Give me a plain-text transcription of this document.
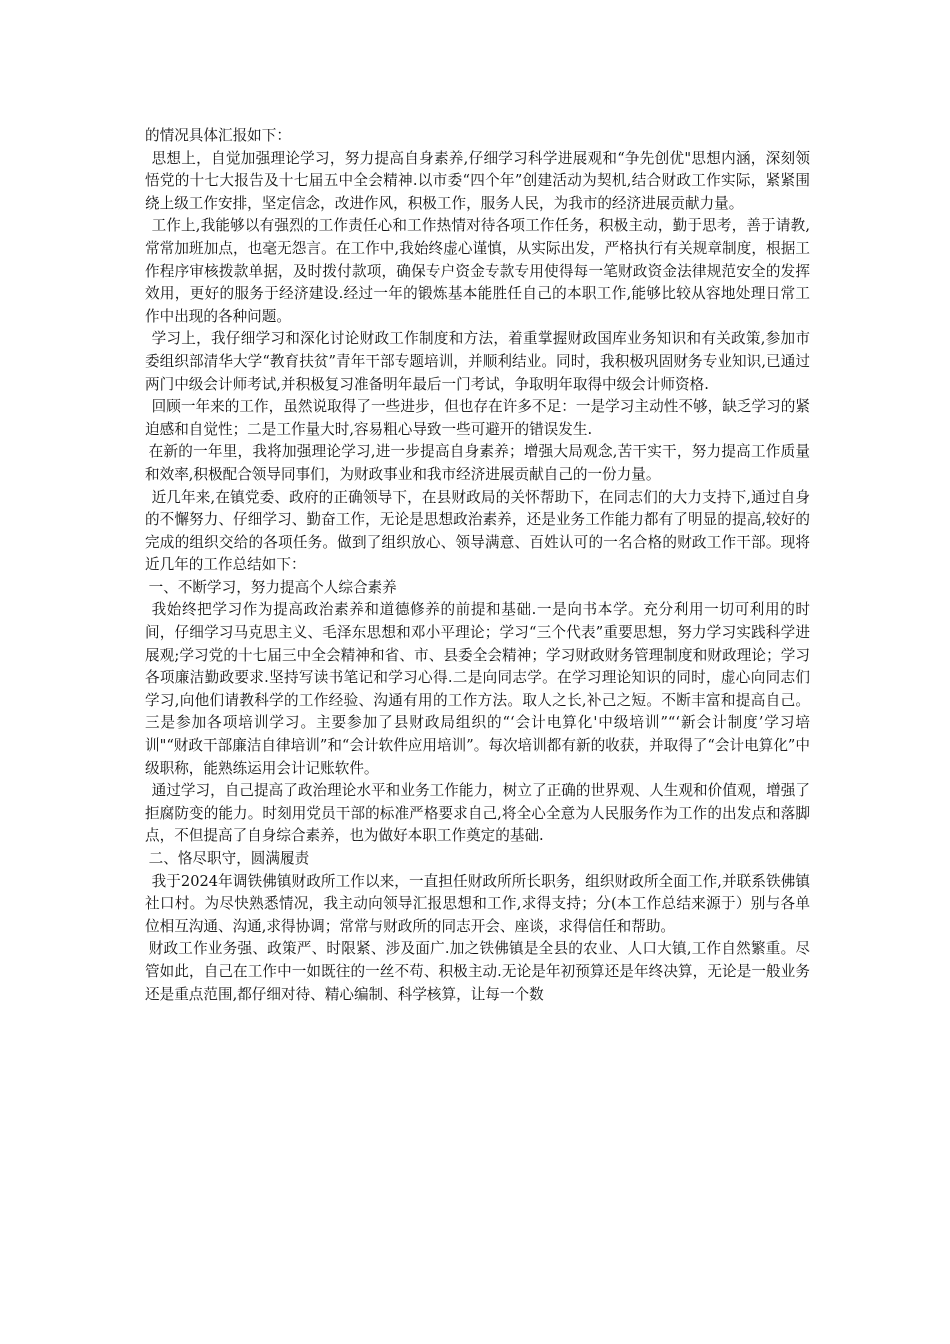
的情况具体汇报如下：

思想上，自觉加强理论学习，努力提高自身素养,仔细学习科学进展观和“争先创优"思想内涵，深刻领悟党的十七大报告及十七届五中全会精神.以市委“四个年”创建活动为契机,结合财政工作实际，紧紧围绕上级工作安排，坚定信念，改进作风，积极工作，服务人民，为我市的经济进展贡献力量。

工作上,我能够以有强烈的工作责任心和工作热情对待各项工作任务，积极主动，勤于思考，善于请教,常常加班加点，也毫无怨言。在工作中,我始终虚心谨慎，从实际出发，严格执行有关规章制度，根据工作程序审核拨款单据，及时拨付款项，确保专户资金专款专用使得每一笔财政资金法律规范安全的发挥效用，更好的服务于经济建设.经过一年的锻炼基本能胜任自己的本职工作,能够比较从容地处理日常工作中出现的各种问题。

学习上，我仔细学习和深化讨论财政工作制度和方法，着重掌握财政国库业务知识和有关政策,参加市委组织部清华大学“教育扶贫”青年干部专题培训，并顺利结业。同时，我积极巩固财务专业知识,已通过两门中级会计师考试,并积极复习准备明年最后一门考试，争取明年取得中级会计师资格.

回顾一年来的工作，虽然说取得了一些进步，但也存在许多不足：一是学习主动性不够，缺乏学习的紧迫感和自觉性；二是工作量大时,容易粗心导致一些可避开的错误发生.

在新的一年里，我将加强理论学习,进一步提高自身素养；增强大局观念,苦干实干，努力提高工作质量和效率,积极配合领导同事们，为财政事业和我市经济进展贡献自己的一份力量。

近几年来,在镇党委、政府的正确领导下，在县财政局的关怀帮助下，在同志们的大力支持下,通过自身的不懈努力、仔细学习、勤奋工作，无论是思想政治素养，还是业务工作能力都有了明显的提高,较好的完成的组织交给的各项任务。做到了组织放心、领导满意、百姓认可的一名合格的财政工作干部。现将近几年的工作总结如下：

一、不断学习，努力提高个人综合素养

我始终把学习作为提高政治素养和道德修养的前提和基础.一是向书本学。充分利用一切可利用的时间，仔细学习马克思主义、毛泽东思想和邓小平理论；学习“三个代表”重要思想，努力学习实践科学进展观;学习党的十七届三中全会精神和省、市、县委全会精神；学习财政财务管理制度和财政理论；学习各项廉洁勤政要求.坚持写读书笔记和学习心得.二是向同志学。在学习理论知识的同时，虚心向同志们学习,向他们请教科学的工作经验、沟通有用的工作方法。取人之长,补己之短。不断丰富和提高自己。三是参加各项培训学习。主要参加了县财政局组织的“‘会计电算化'中级培训”“‘新会计制度’学习培训"“财政干部廉洁自律培训”和“会计软件应用培训”。每次培训都有新的收获，并取得了“会计电算化”中级职称，能熟练运用会计记账软件。

通过学习，自己提高了政治理论水平和业务工作能力，树立了正确的世界观、人生观和价值观，增强了拒腐防变的能力。时刻用党员干部的标准严格要求自己,将全心全意为人民服务作为工作的出发点和落脚点，不但提高了自身综合素养，也为做好本职工作奠定的基础.

二、恪尽职守，圆满履责

我于2024年调铁佛镇财政所工作以来，一直担任财政所所长职务，组织财政所全面工作,并联系铁佛镇社口村。为尽快熟悉情况，我主动向领导汇报思想和工作,求得支持；分(本工作总结来源于）别与各单位相互沟通、沟通,求得协调；常常与财政所的同志开会、座谈，求得信任和帮助。

财政工作业务强、政策严、时限紧、涉及面广.加之铁佛镇是全县的农业、人口大镇,工作自然繁重。尽管如此，自己在工作中一如既往的一丝不苟、积极主动.无论是年初预算还是年终决算，无论是一般业务还是重点范围,都仔细对待、精心编制、科学核算，让每一个数
